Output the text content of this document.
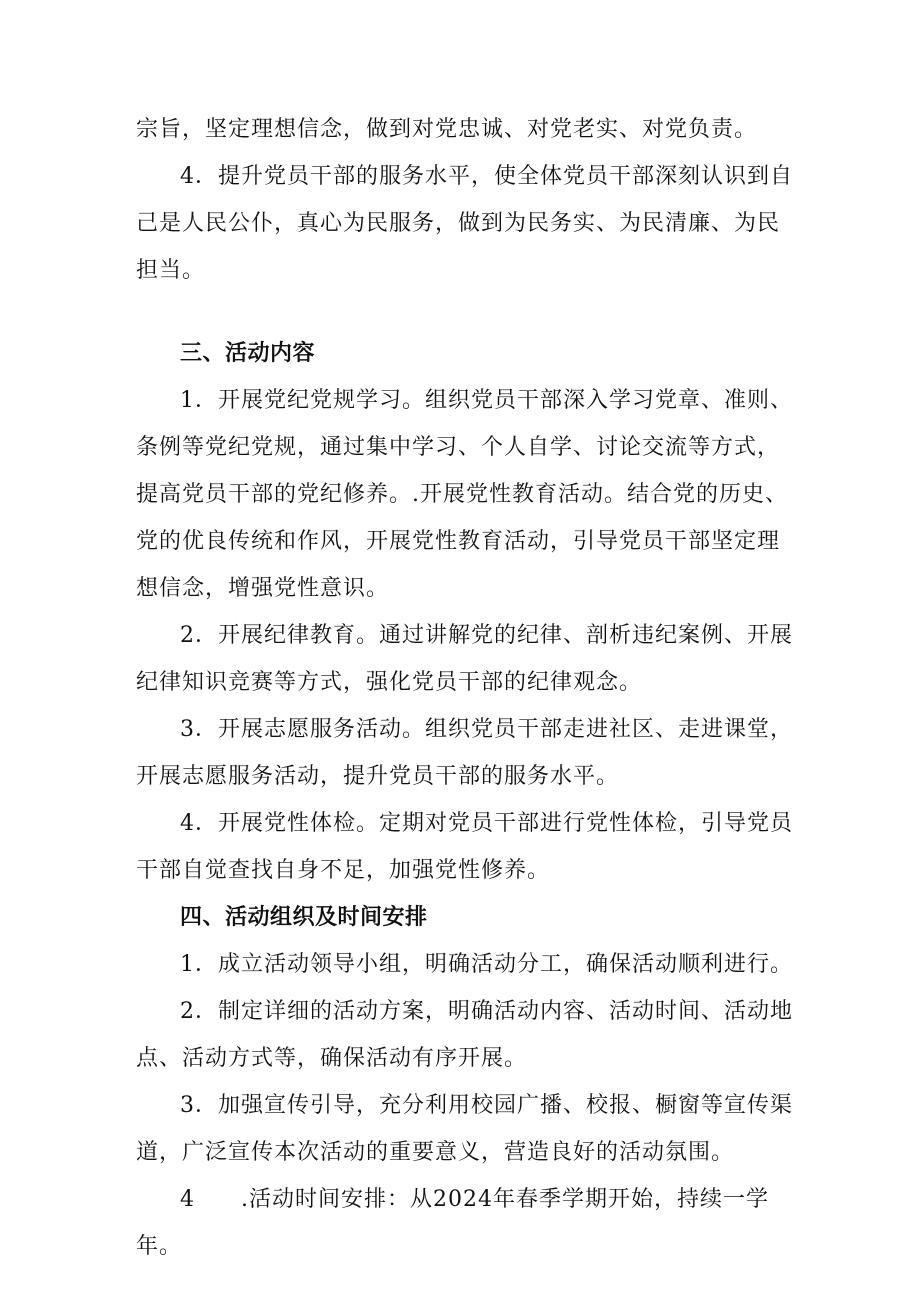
宗旨，坚定理想信念，做到对党忠诚、对党老实、对党负责。

4．提升党员干部的服务水平，使全体党员干部深刻认识到自己是人民公仆，真心为民服务，做到为民务实、为民清廉、为民担当。

三、活动内容

1．开展党纪党规学习。组织党员干部深入学习党章、准则、条例等党纪党规，通过集中学习、个人自学、讨论交流等方式，提高党员干部的党纪修养。.开展党性教育活动。结合党的历史、党的优良传统和作风，开展党性教育活动，引导党员干部坚定理想信念，增强党性意识。

2．开展纪律教育。通过讲解党的纪律、剖析违纪案例、开展纪律知识竞赛等方式，强化党员干部的纪律观念。

3．开展志愿服务活动。组织党员干部走进社区、走进课堂，开展志愿服务活动，提升党员干部的服务水平。

4．开展党性体检。定期对党员干部进行党性体检，引导党员干部自觉查找自身不足，加强党性修养。

四、活动组织及时间安排

1．成立活动领导小组，明确活动分工，确保活动顺利进行。

2．制定详细的活动方案，明确活动内容、活动时间、活动地点、活动方式等，确保活动有序开展。

3．加强宣传引导，充分利用校园广播、校报、橱窗等宣传渠道，广泛宣传本次活动的重要意义，营造良好的活动氛围。

4　　.活动时间安排：从2024年春季学期开始，持续一学年。
